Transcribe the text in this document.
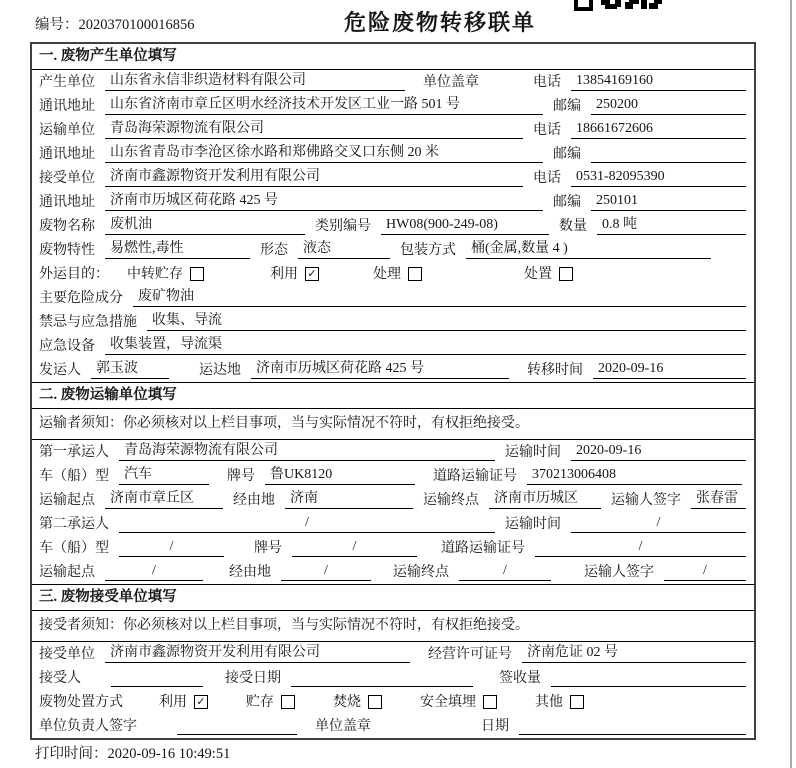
编号：2020370100016856	危险废物转移联单
一. 废物产生单位填写
产生单位	山东省永信非织造材料有限公司	单位盖章	电话	13854169160
通讯地址	山东省济南市章丘区明水经济技术开发区工业一路 501 号	邮编	250200
运输单位	青岛海荣源物流有限公司	电话	18661672606
通讯地址	山东省青岛市李沧区徐水路和郑佛路交叉口东侧 20 米	邮编
接受单位	济南市鑫源物资开发利用有限公司	电话	0531-82095390
通讯地址	济南市历城区荷花路 425 号	邮编	250101
废物名称	废机油	类别编号	HW08(900-249-08)	数量	0.8 吨
废物特性	易燃性,毒性	形态	液态	包装方式	桶(金属,数量 4 )
外运目的： 中转贮存	利用 ✓	处理	处置
主要危险成分	废矿物油
禁忌与应急措施	收集、导流
应急设备	收集装置，导流渠
发运人	郭玉波	运达地	济南市历城区荷花路 425 号	转移时间	2020-09-16
二. 废物运输单位填写
运输者须知：你必须核对以上栏目事项，当与实际情况不符时，有权拒绝接受。
第一承运人	青岛海荣源物流有限公司	运输时间	2020-09-16
车（船）型	汽车	牌号	鲁UK8120	道路运输证号	370213006408
运输起点	济南市章丘区	经由地	济南	运输终点	济南市历城区	运输人签字	张春雷
第二承运人	/	运输时间	/
车（船）型	/	牌号	/	道路运输证号	/
运输起点	/	经由地	/	运输终点	/	运输人签字	/
三. 废物接受单位填写
接受者须知：你必须核对以上栏目事项，当与实际情况不符时，有权拒绝接受。
接受单位	济南市鑫源物资开发利用有限公司	经营许可证号	济南危证 02 号
接受人	接受日期	签收量
废物处置方式	利用 ✓	贮存	焚烧	安全填埋	其他
单位负责人签字	单位盖章	日期
打印时间：2020-09-16 10:49:51
